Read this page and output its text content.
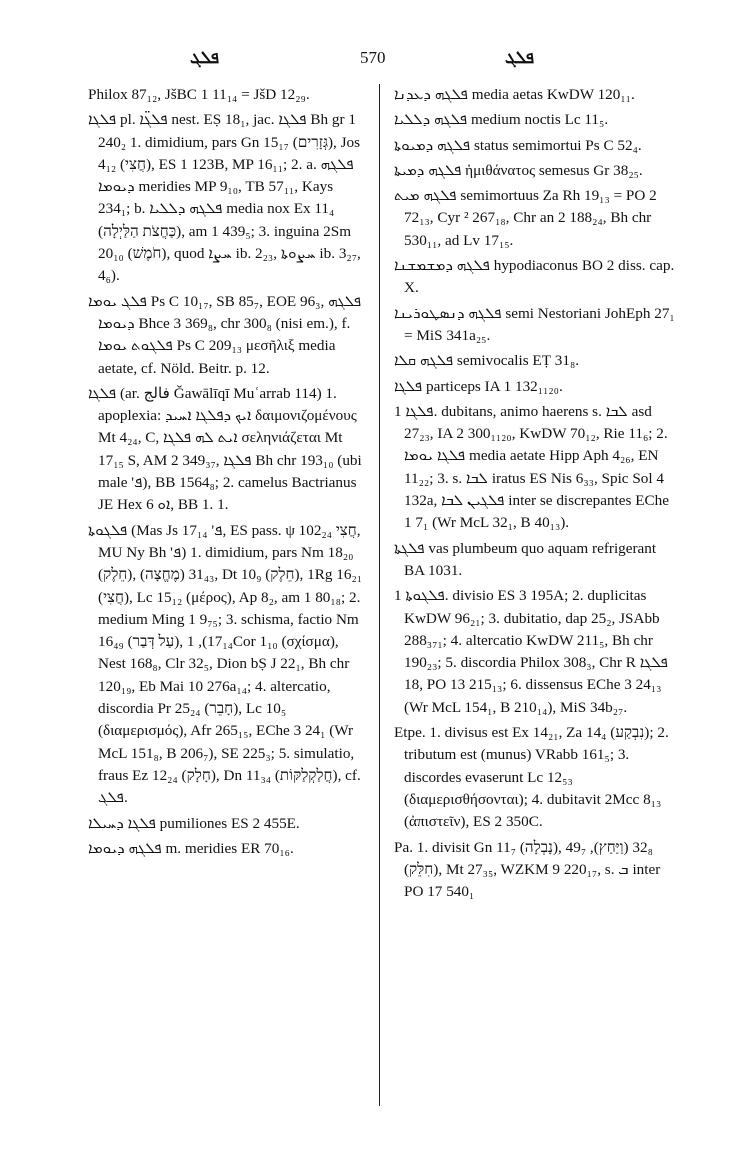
ܦܠܓ	570	ܦܠܓ

Philox 87₁₂, JšBC 1 11₁₄ = JšD 12₂₉.

ܦܠܓܐ pl. ܦܠܓ̈ܐ nest. EṢ 18₁, jac. ܦܠܓܐ Bh gr 1 240₂ 1. dimidium, pars Gn 15₁₇ (גְּזָרִים), Jos 4₁₂ (חֲצִי), ES 1 123B, MP 16₁₁; 2. a. ܦܠܓܗ ܕܝܘܡܐ meridies MP 9₁₀, TB 57₁₁, Kays 234₁; b. ܦܠܓܗ ܕܠܠܝܐ media nox Ex 11₄ (כַּחֲצֹת הַלַּיְלָה), am 1 439₅; 3. inguina 2Sm 20₁₀ (חֹמֶשׁ), quod ܚܨܐ ib. 2₂₃, ܚܨܘܬܐ ib. 3₂₇, 4₆).

ܦܠܓ ܝܘܡܐ Ps C 10₁₇, SB 85₇, EOE 96₃, ܦܠܓܗ ܕܝܘܡܐ Bhce 3 369₈, chr 300₈ (nisi em.), f. ܦܠܓܘܬ ܝܘܡܐ Ps C 209₁₃ μεσῆλιξ media aetate, cf. Nöld. Beitr. p. 12.

ܦܠܓܐ (ar. فالج Ğawālīqī Muʿarrab 114) 1. apoplexia: ܐܝܟ ܕܦܠܓܐ ܐܚܝܕ δαιμονιζομένους Mt 4₂₄, C, ܐܝܬ ܠܗ ܦܠܓܐ σεληνιάζεται Mt 17₁₅ S, AM 2 349₃₇, ܦܠܓܐ Bh chr 193₁₀ (ubi male 'ܦ), BB 1564₈; 2. camelus Bactrianus JE Hex ܐܘ 6, BB 1. 1.

ܦܠܓܘܬܐ (Mas Js 17₁₄ 'ܦ, ES pass. ψ 102₂₄ חֲצִי, MU Ny Bh 'ܦ) 1. dimidium, pars Nm 18₂₀ (חֵלֶק), 31₄₃ (מֶחֱצָה), Dt 10₉ (חֵלֶק), 1Rg 16₂₁ (חֲצִי), Lc 15₁₂ (μέρος), Ap 8₂, am 1 80₁₈; 2. medium Ming 1 9₇₅; 3. schisma, factio Nm 16₄₉ (עַל דְּבַר), 17₁₄), 1Cor 1₁₀ (σχίσμα), Nest 168₈, Clr 32₅, Dion bṢ J 22₁, Bh chr 120₁₉, Eb Mai 10 276a₁₄; 4. altercatio, discordia Pr 25₂₄ (חָבֵר), Lc 10₅ (διαμερισμός), Afr 265₁₅, EChe 3 24₁ (Wr McL 151₈, B 206₇), SE 225₃; 5. simulatio, fraus Ez 12₂₄ (חָלָק), Dn 11₃₄ (חֲלַקְלַקּוֹת), cf. ܦܠܓ.

ܦܠܓܐ ܕܚܝܠܐ pumiliones ES 2 455E.

ܦܠܓܗ ܕܝܘܡܐ m. meridies ER 70₁₆.

ܦܠܓܗ ܕܥܕܢܐ media aetas KwDW 120₁₁.

ܦܠܓܗ ܕܠܠܝܐ medium noctis Lc 11₅.

ܦܠܓܗ ܕܡܝܘܬܐ status semimortui Ps C 52₄.

ܦܠܓܗ ܕܡܝܬܐ ἡμιθάνατος semesus Gr 38₂₅.

ܦܠܓܗ ܡܝܬ semimortuus Za Rh 19₁₃ = PO 2 72₁₃, Cyr ² 267₁₈, Chr an 2 188₂₄, Bh chr 530₁₁, ad Lv 17₁₅.

ܦܠܓܗ ܕܡܫܡܫܢܐ hypodiaconus BO 2 diss. cap. X.

ܦܠܓܗ ܕܢܣܛܘܪܝܢܐ semi Nestoriani JohEph 27₁ = MiS 341a₂₅.

ܦܠܓܗ ܩܠܐ semivocalis EṬ 31₈.

ܦܠܓܐ particeps IA 1 132₁₁₂₀.

ܦܠܓܐ 1. dubitans, animo haerens s. ܠܒܐ asd 27₂₃, IA 2 300₁₁₂₀, KwDW 70₁₂, Rie 11₆; 2. ܦܠܓܐ ܝܘܡܐ media aetate Hipp Aph 4₂₆, EN 11₂₂; 3. s. ܠܒܐ iratus ES Nis 6₃₃, Spic Sol 4 132a, ܦܠܓܝܢ ܠܒܐ inter se discrepantes EChe 1 7₁ (Wr McL 32₁, B 40₁₃).

ܦܠܓܬܐ vas plumbeum quo aquam refrigerant BA 1031.

ܦܠܓܘܬܐ 1. divisio ES 3 195A; 2. duplicitas KwDW 96₂₁; 3. dubitatio, dap 25₂, JSAbb 288₃₇₁; 4. altercatio KwDW 211₅, Bh chr 190₂₃; 5. discordia Philox 308₃, Chr R ܦܠܓܐ 18, PO 13 215₁₃; 6. dissensus EChe 3 24₁₃ (Wr McL 154₁, B 210₁₄), MiS 34b₂₇.

Etpe. 1. divisus est Ex 14₂₁, Za 14₄ (נִבְקַע); 2. tributum est (munus) VRabb 161₅; 3. discordes evaserunt Lc 12₅₃ (διαμερισθήσονται); 4. dubitavit 2Mcc 8₁₃ (ἀπιστεῖν), ES 2 350C.

Pa. 1. divisit Gn 11₇ (נָבְלָה), 32₈ (וַיַּחַץ), 49₇ (חִלֵּק), Mt 27₃₅, WZKM 9 220₁₇, s. ܒ inter PO 17 540₁
